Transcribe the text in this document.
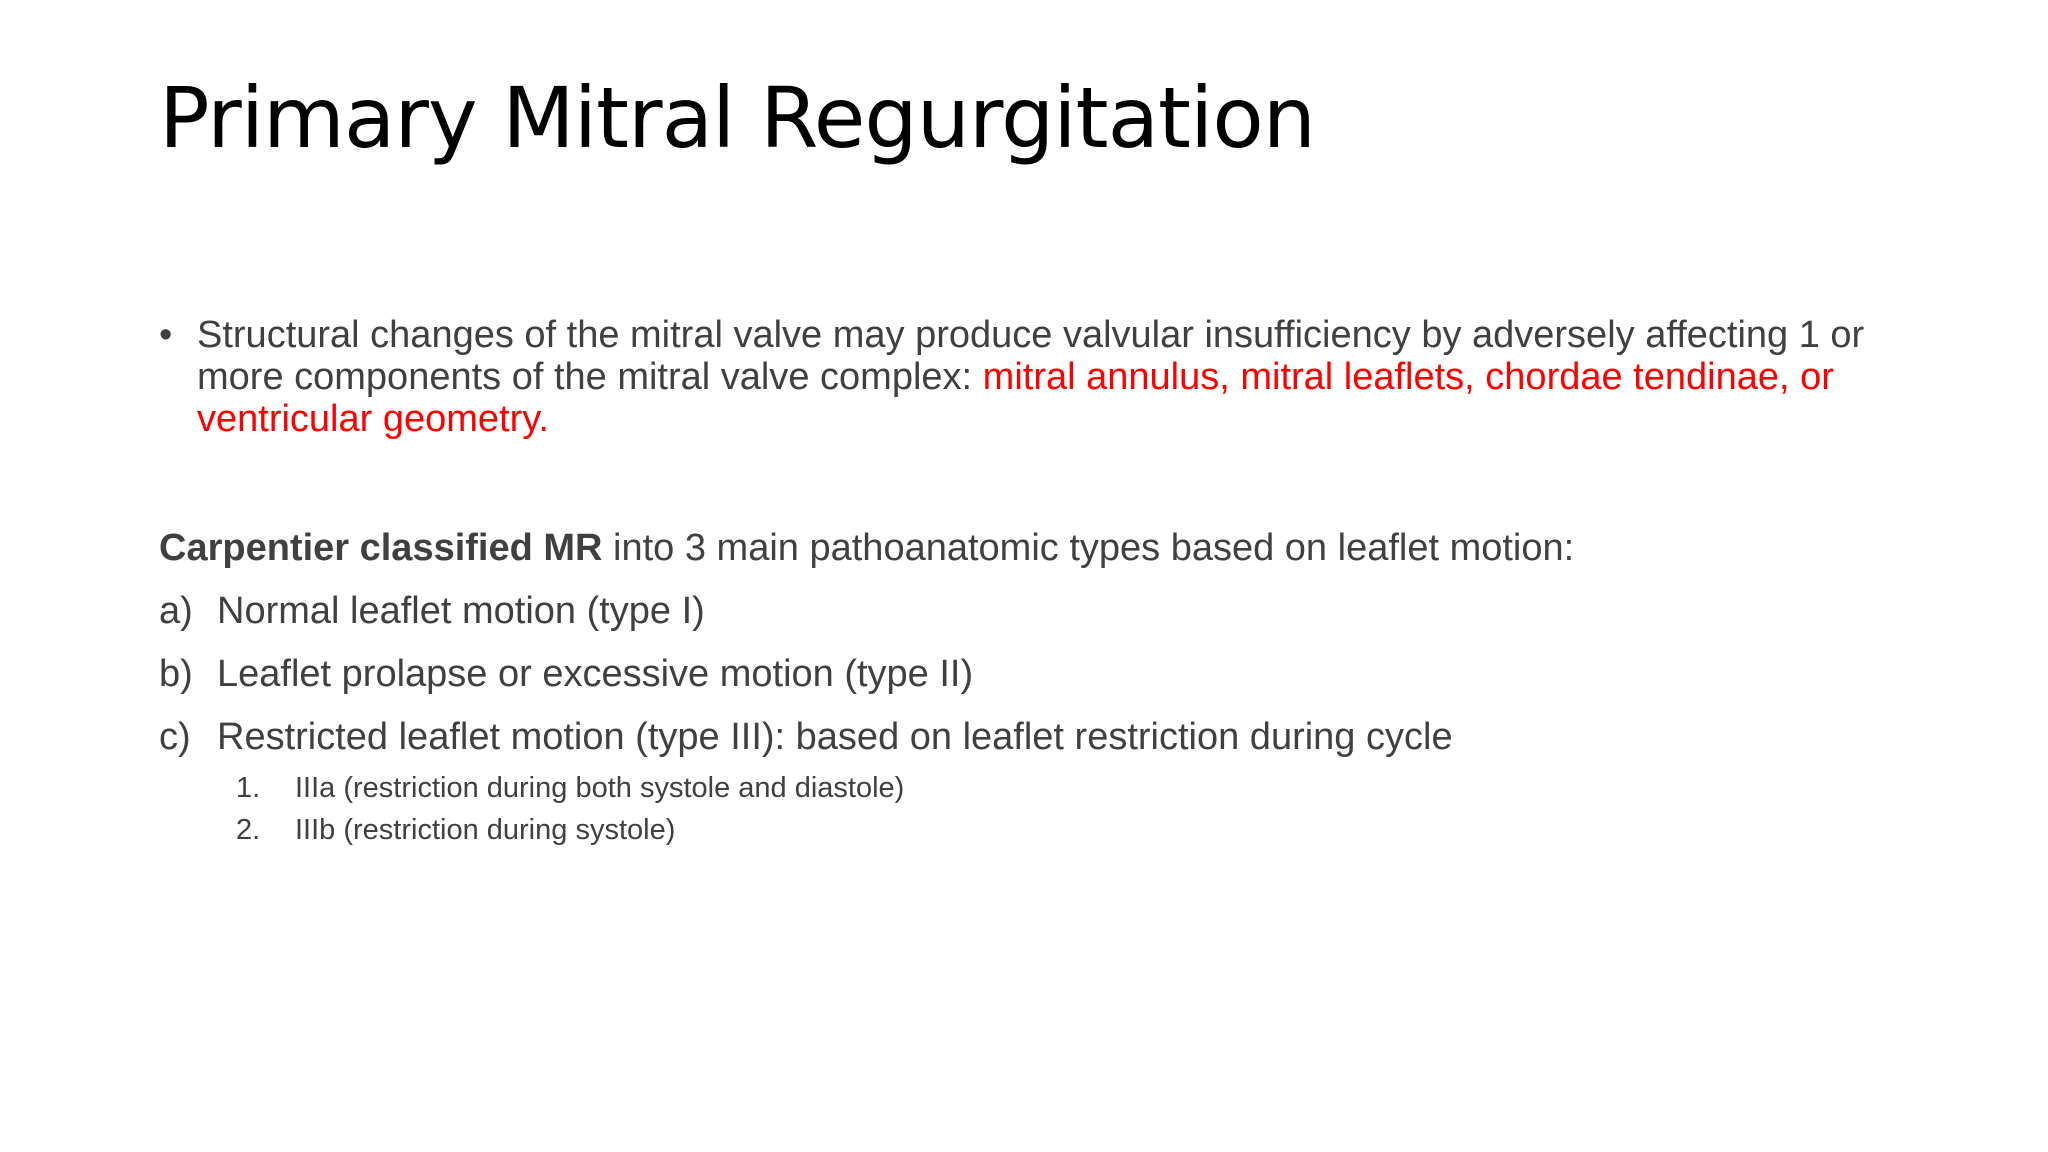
Primary Mitral Regurgitation
• Structural changes of the mitral valve may produce valvular insufficiency by adversely affecting 1 or more components of the mitral valve complex: mitral annulus, mitral leaflets, chordae tendinae, or ventricular geometry.
Carpentier classified MR into 3 main pathoanatomic types based on leaflet motion:
a) Normal leaflet motion (type I)
b) Leaflet prolapse or excessive motion (type II)
c) Restricted leaflet motion (type III): based on leaflet restriction during cycle
1. IIIa (restriction during both systole and diastole)
2. IIIb (restriction during systole)
